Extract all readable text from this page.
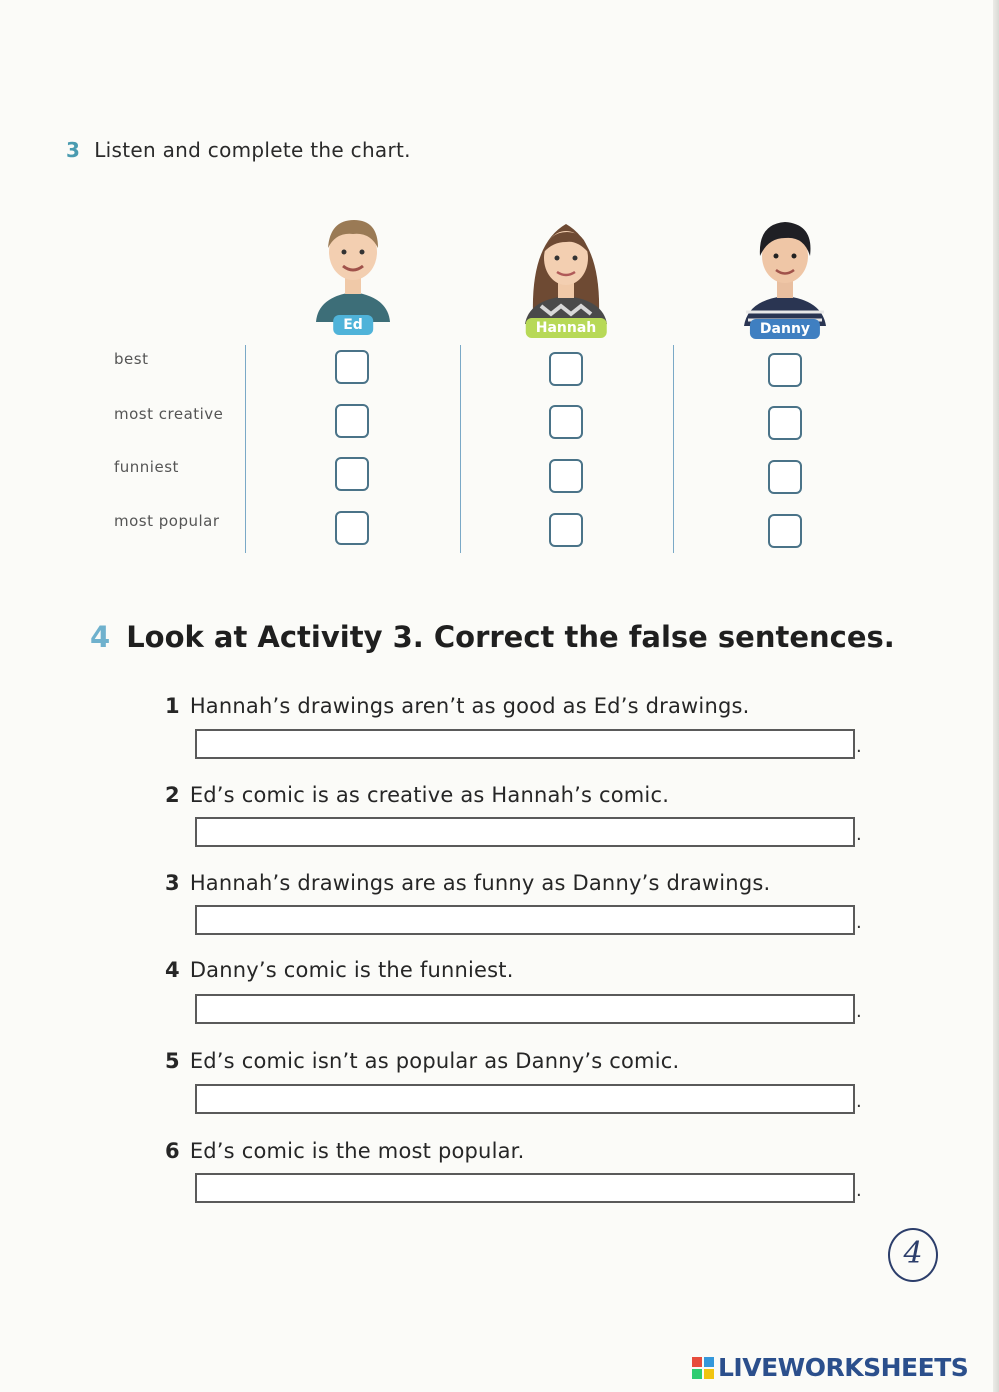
3 Listen and complete the chart.
Ed	Hannah	Danny
best
most creative
funniest
most popular
4 Look at Activity 3. Correct the false sentences.
1 Hannah’s drawings aren’t as good as Ed’s drawings.
.
2 Ed’s comic is as creative as Hannah’s comic.
.
3 Hannah’s drawings are as funny as Danny’s drawings.
.
4 Danny’s comic is the funniest.
.
5 Ed’s comic isn’t as popular as Danny’s comic.
.
6 Ed’s comic is the most popular.
.
4
LIVEWORKSHEETS
